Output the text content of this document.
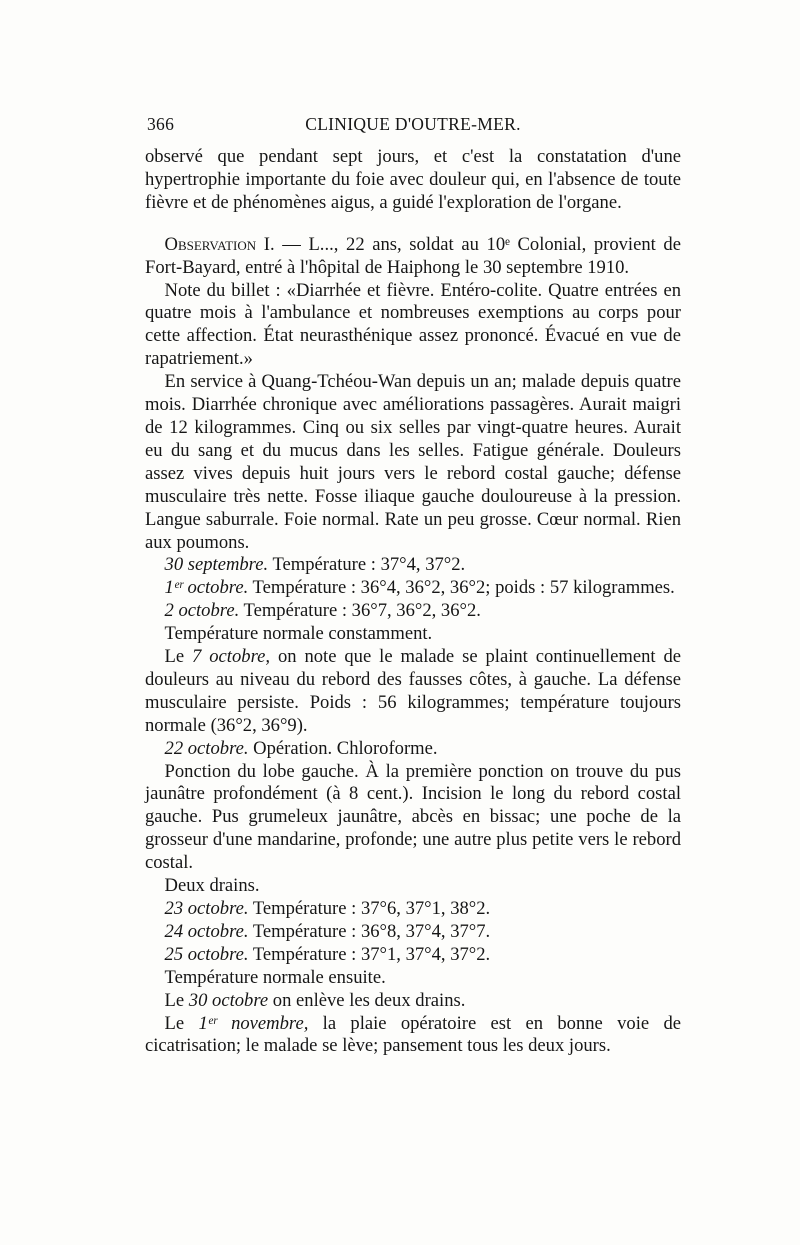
366	CLINIQUE D'OUTRE-MER.

observé que pendant sept jours, et c'est la constatation d'une hypertrophie importante du foie avec douleur qui, en l'absence de toute fièvre et de phénomènes aigus, a guidé l'exploration de l'organe.

Observation I. — L..., 22 ans, soldat au 10ᵉ Colonial, provient de Fort-Bayard, entré à l'hôpital de Haiphong le 30 septembre 1910.

Note du billet : «Diarrhée et fièvre. Entéro-colite. Quatre entrées en quatre mois à l'ambulance et nombreuses exemptions au corps pour cette affection. État neurasthénique assez prononcé. Évacué en vue de rapatriement.»

En service à Quang-Tchéou-Wan depuis un an; malade depuis quatre mois. Diarrhée chronique avec améliorations passagères. Aurait maigri de 12 kilogrammes. Cinq ou six selles par vingt-quatre heures. Aurait eu du sang et du mucus dans les selles. Fatigue générale. Douleurs assez vives depuis huit jours vers le rebord costal gauche; défense musculaire très nette. Fosse iliaque gauche douloureuse à la pression. Langue saburrale. Foie normal. Rate un peu grosse. Cœur normal. Rien aux poumons.

30 septembre. Température : 37°4, 37°2.

1ᵉʳ octobre. Température : 36°4, 36°2, 36°2; poids : 57 kilogrammes.

2 octobre. Température : 36°7, 36°2, 36°2.

Température normale constamment.

Le 7 octobre, on note que le malade se plaint continuellement de douleurs au niveau du rebord des fausses côtes, à gauche. La défense musculaire persiste. Poids : 56 kilogrammes; température toujours normale (36°2, 36°9).

22 octobre. Opération. Chloroforme.

Ponction du lobe gauche. À la première ponction on trouve du pus jaunâtre profondément (à 8 cent.). Incision le long du rebord costal gauche. Pus grumeleux jaunâtre, abcès en bissac; une poche de la grosseur d'une mandarine, profonde; une autre plus petite vers le rebord costal.

Deux drains.

23 octobre. Température : 37°6, 37°1, 38°2.

24 octobre. Température : 36°8, 37°4, 37°7.

25 octobre. Température : 37°1, 37°4, 37°2.

Température normale ensuite.

Le 30 octobre on enlève les deux drains.

Le 1ᵉʳ novembre, la plaie opératoire est en bonne voie de cicatrisation; le malade se lève; pansement tous les deux jours.
